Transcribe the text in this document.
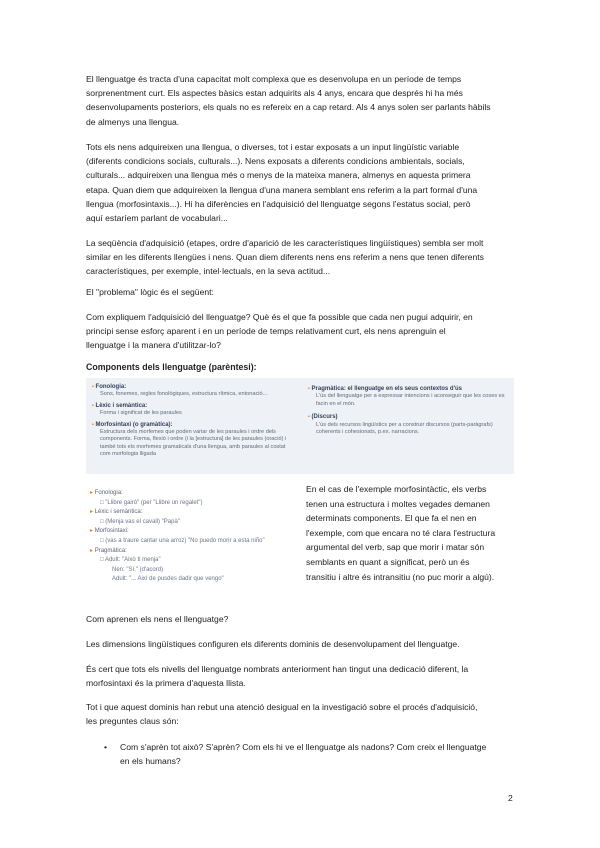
El llenguatge és tracta d'una capacitat molt complexa que es desenvolupa en un període de temps
sorprenentment curt. Els aspectes bàsics estan adquirits als 4 anys, encara que després hi ha més
desenvolupaments posteriors, els quals no es refereix en a cap retard. Als 4 anys solen ser parlants hàbils
de almenys una llengua.
Tots els nens adquireixen una llengua, o diverses, tot i estar exposats a un input lingüístic variable
(diferents condicions socials, culturals...). Nens exposats a diferents condicions ambientals, socials,
culturals... adquireixen una llengua més o menys de la mateixa manera, almenys en aquesta primera
etapa. Quan diem que adquireixen la llengua d'una manera semblant ens referim a la part formal d'una
llengua (morfosintaxis...). Hi ha diferències en l'adquisició del llenguatge segons l'estatus social, però
aquí estaríem parlant de vocabulari...
La seqüència d'adquisició (etapes, ordre d'aparició de les característiques lingüístiques) sembla ser molt
similar en les diferents llengües i nens. Quan diem diferents nens ens referim a nens que tenen diferents
característiques, per exemple, intel·lectuals, en la seva actitud...
El "problema" lògic és el següent:
Com expliquem l'adquisició del llenguatge? Què és el que fa possible que cada nen pugui adquirir, en
principi sense esforç aparent i en un període de temps relativament curt, els nens aprenguin el
llenguatge i la manera d'utilitzar-lo?
Components dels llenguatge (parèntesi):
▪ Fonologia:
Sons, fonemes, regles fonològiques, estructura rítmica, entonació...
▪ Lèxic i semàntica:
Forma i significat de les paraules
▪ Morfosintaxi (o gramàtica):
Estructura dels morfemes que poden variar de les paraules i ordre dels components. Forma, flexió i ordre (i la [estructura] de les paraules (oració) i també tots els morfemes gramaticals d'una llengua, amb paraules al costat com morfologia lligada
▪ Pragmàtica: el llenguatge en els seus contextos d'ús
L'ús del llenguatge per a expressar intencions i aconseguir que les coses es facin en el món.
▪ (Discurs)
L'ús dels recursos lingüístics per a construir discursos (parts-paràgrafs) coherents i cohesionats, p.ex. narracions.
▸ Fonologia:
□ "Llibre gairó" (per "Llibre un regalet")
▸ Lèxic i semàntica:
□ (Menja vas el cavall) "Papà"
▸ Morfosintaxi:
□ (vas a traure cantar una arroz) "No puedo morir a esta niño"
▸ Pragmàtica:
□ Adult: "Això ti menja"
Nen: "Sí." (d'acord)
Adult: "... Així de pusdes dadir que vengo"
En el cas de l'exemple morfosintàctic, els verbs
tenen una estructura i moltes vegades demanen
determinats components. El que fa el nen en
l'exemple, com que encara no té clara l'estructura
argumental del verb, sap que morir i matar són
semblants en quant a significat, però un és
transitiu i altre és intransitiu (no puc morir a algú).
Com aprenen els nens el llenguatge?
Les dimensions lingüístiques configuren els diferents dominis de desenvolupament del llenguatge.
És cert que tots els nivells del llenguatge nombrats anteriorment han tingut una dedicació diferent, la
morfosintaxi és la primera d'aquesta llista.
Tot i que aquest dominis han rebut una atenció desigual en la investigació sobre el procés d'adquisició,
les preguntes claus són:
• Com s'aprèn tot això? S'aprèn? Com els hi ve el llenguatge als nadons? Com creix el llenguatge
en els humans?
2
